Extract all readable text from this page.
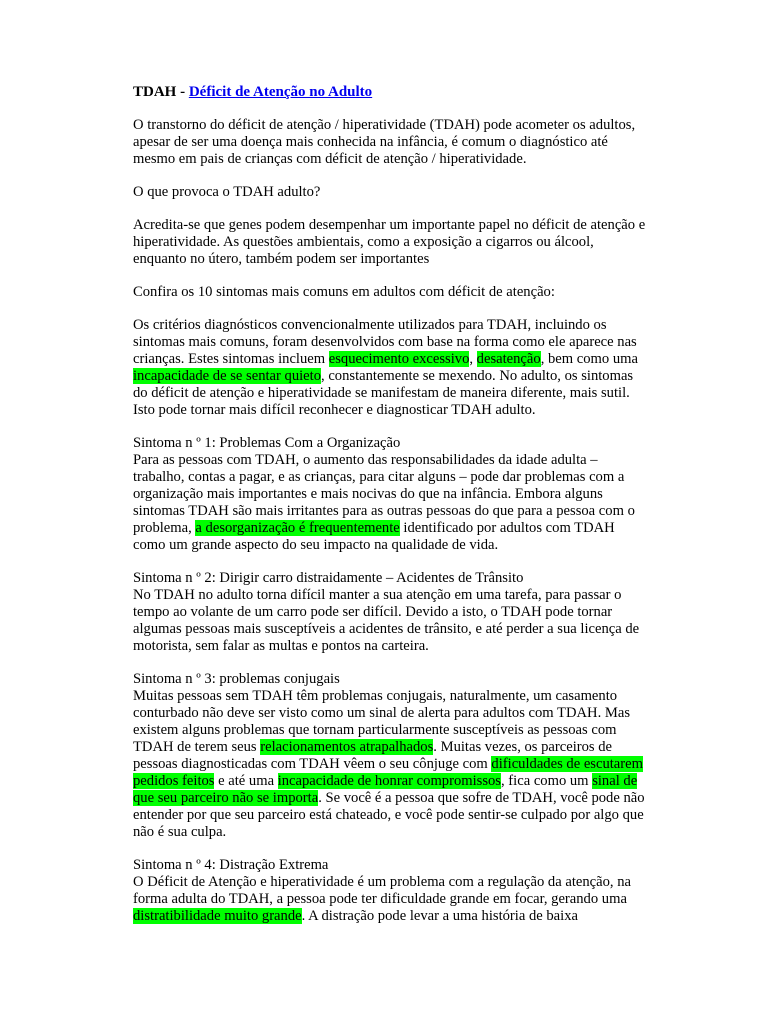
TDAH - Déficit de Atenção no Adulto

O transtorno do déficit de atenção / hiperatividade (TDAH) pode acometer os adultos, apesar de ser uma doença mais conhecida na infância, é comum o diagnóstico até mesmo em pais de crianças com déficit de atenção / hiperatividade.

O que provoca o TDAH adulto?

Acredita-se que genes podem desempenhar um importante papel no déficit de atenção e hiperatividade. As questões ambientais, como a exposição a cigarros ou álcool, enquanto no útero, também podem ser importantes

Confira os 10 sintomas mais comuns em adultos com déficit de atenção:

Os critérios diagnósticos convencionalmente utilizados para TDAH, incluindo os sintomas mais comuns, foram desenvolvidos com base na forma como ele aparece nas crianças. Estes sintomas incluem esquecimento excessivo, desatenção, bem como uma incapacidade de se sentar quieto, constantemente se mexendo. No adulto, os sintomas do déficit de atenção e hiperatividade se manifestam de maneira diferente, mais sutil. Isto pode tornar mais difícil reconhecer e diagnosticar TDAH adulto.

Sintoma n º 1: Problemas Com a Organização
Para as pessoas com TDAH, o aumento das responsabilidades da idade adulta – trabalho, contas a pagar, e as crianças, para citar alguns – pode dar problemas com a organização mais importantes e mais nocivas do que na infância. Embora alguns sintomas TDAH são mais irritantes para as outras pessoas do que para a pessoa com o problema, a desorganização é frequentemente identificado por adultos com TDAH como um grande aspecto do seu impacto na qualidade de vida.

Sintoma n º 2: Dirigir carro distraidamente – Acidentes de Trânsito
No TDAH no adulto torna difícil manter a sua atenção em uma tarefa, para passar o tempo ao volante de um carro pode ser difícil. Devido a isto, o TDAH pode tornar algumas pessoas mais susceptíveis a acidentes de trânsito, e até perder a sua licença de motorista, sem falar as multas e pontos na carteira.

Sintoma n º 3: problemas conjugais
Muitas pessoas sem TDAH têm problemas conjugais, naturalmente, um casamento conturbado não deve ser visto como um sinal de alerta para adultos com TDAH. Mas existem alguns problemas que tornam particularmente susceptíveis as pessoas com TDAH de terem seus relacionamentos atrapalhados. Muitas vezes, os parceiros de pessoas diagnosticadas com TDAH vêem o seu cônjuge com dificuldades de escutarem pedidos feitos e até uma incapacidade de honrar compromissos, fica como um sinal de que seu parceiro não se importa. Se você é a pessoa que sofre de TDAH, você pode não entender por que seu parceiro está chateado, e você pode sentir-se culpado por algo que não é sua culpa.

Sintoma n º 4: Distração Extrema
O Déficit de Atenção e hiperatividade é um problema com a regulação da atenção, na forma adulta do TDAH, a pessoa pode ter dificuldade grande em focar, gerando uma distratibilidade muito grande. A distração pode levar a uma história de baixa
